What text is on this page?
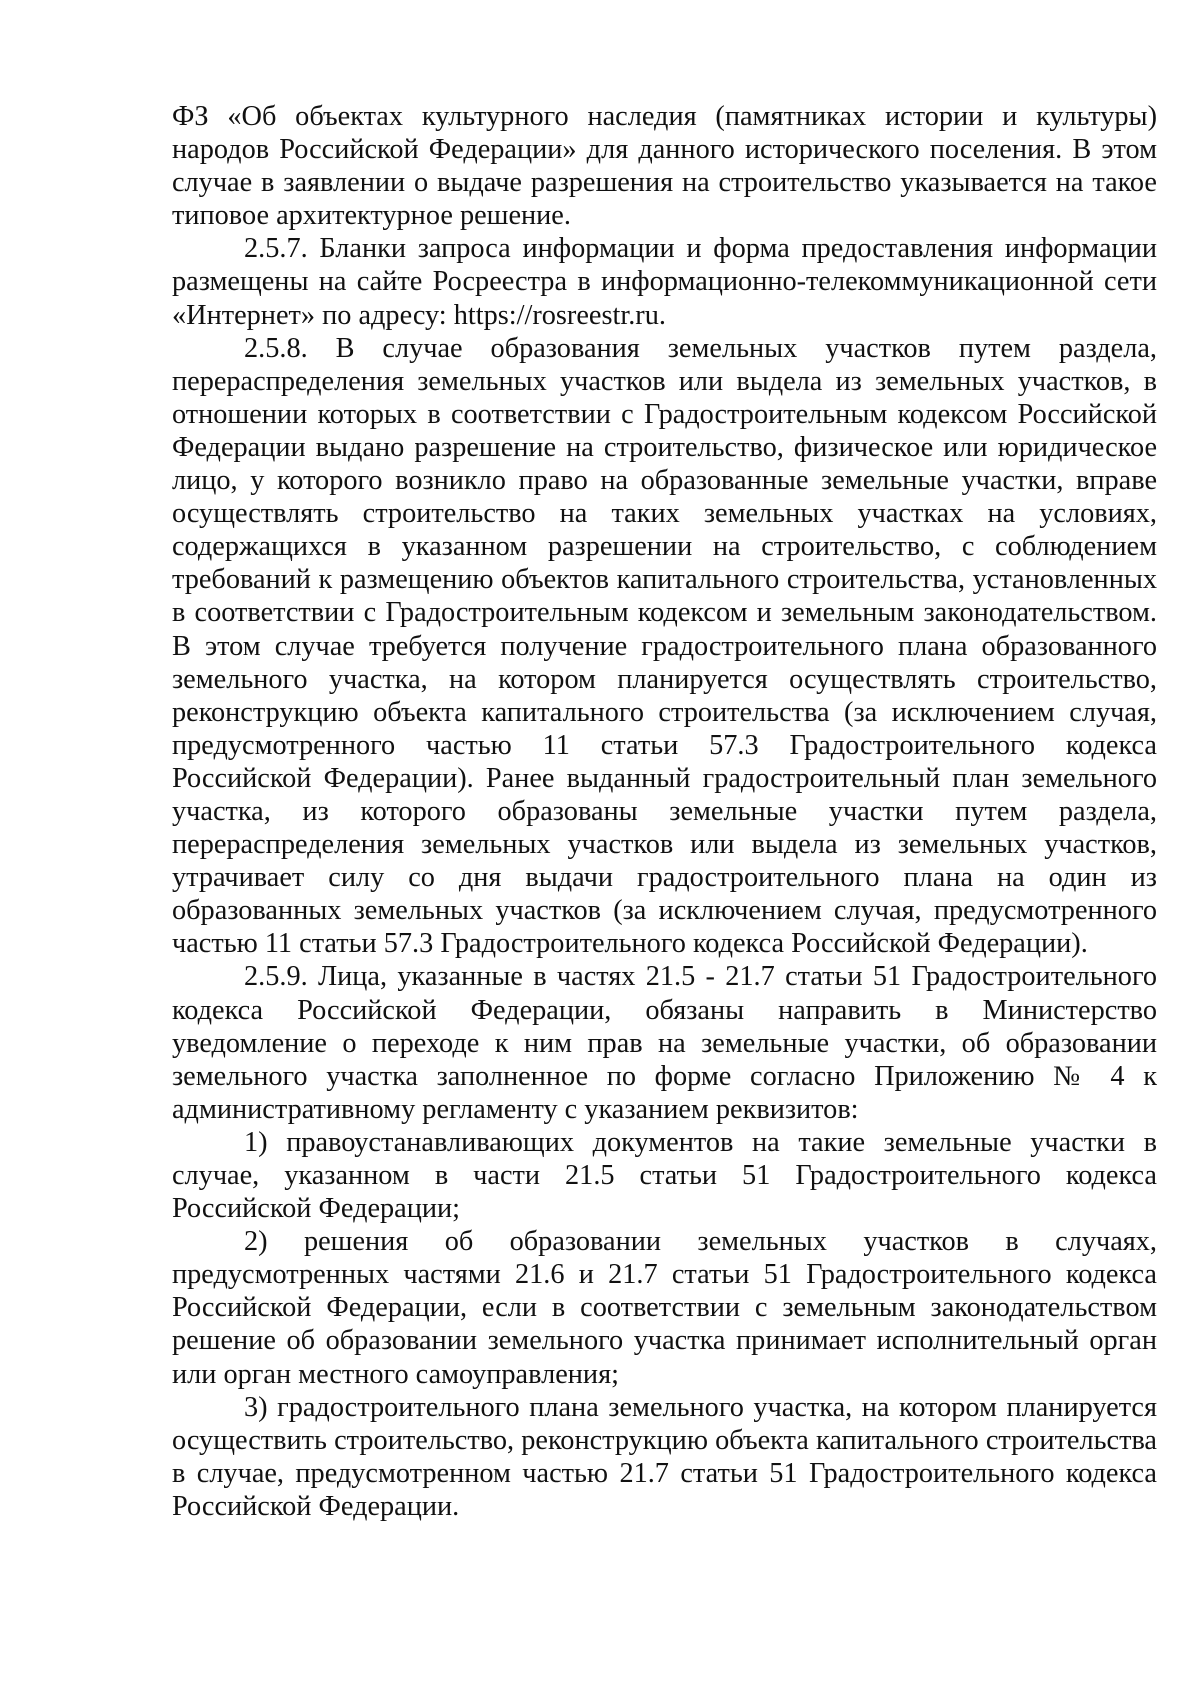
ФЗ «Об объектах культурного наследия (памятниках истории и культуры) народов Российской Федерации» для данного исторического поселения. В этом случае в заявлении о выдаче разрешения на строительство указывается на такое типовое архитектурное решение.

2.5.7. Бланки запроса информации и форма предоставления информации размещены на сайте Росреестра в информационно-телекоммуникационной сети «Интернет» по адресу: https://rosreestr.ru.

2.5.8. В случае образования земельных участков путем раздела, перераспределения земельных участков или выдела из земельных участков, в отношении которых в соответствии с Градостроительным кодексом Российской Федерации выдано разрешение на строительство, физическое или юридическое лицо, у которого возникло право на образованные земельные участки, вправе осуществлять строительство на таких земельных участках на условиях, содержащихся в указанном разрешении на строительство, с соблюдением требований к размещению объектов капитального строительства, установленных в соответствии с Градостроительным кодексом и земельным законодательством. В этом случае требуется получение градостроительного плана образованного земельного участка, на котором планируется осуществлять строительство, реконструкцию объекта капитального строительства (за исключением случая, предусмотренного частью 11 статьи 57.3 Градостроительного кодекса Российской Федерации). Ранее выданный градостроительный план земельного участка, из которого образованы земельные участки путем раздела, перераспределения земельных участков или выдела из земельных участков, утрачивает силу со дня выдачи градостроительного плана на один из образованных земельных участков (за исключением случая, предусмотренного частью 11 статьи 57.3 Градостроительного кодекса Российской Федерации).

2.5.9. Лица, указанные в частях 21.5 - 21.7 статьи 51 Градостроительного кодекса Российской Федерации, обязаны направить в Министерство уведомление о переходе к ним прав на земельные участки, об образовании земельного участка заполненное по форме согласно Приложению № 4 к административному регламенту с указанием реквизитов:

1) правоустанавливающих документов на такие земельные участки в случае, указанном в части 21.5 статьи 51 Градостроительного кодекса Российской Федерации;

2) решения об образовании земельных участков в случаях, предусмотренных частями 21.6 и 21.7 статьи 51 Градостроительного кодекса Российской Федерации, если в соответствии с земельным законодательством решение об образовании земельного участка принимает исполнительный орган или орган местного самоуправления;

3) градостроительного плана земельного участка, на котором планируется осуществить строительство, реконструкцию объекта капитального строительства в случае, предусмотренном частью 21.7 статьи 51 Градостроительного кодекса Российской Федерации.
